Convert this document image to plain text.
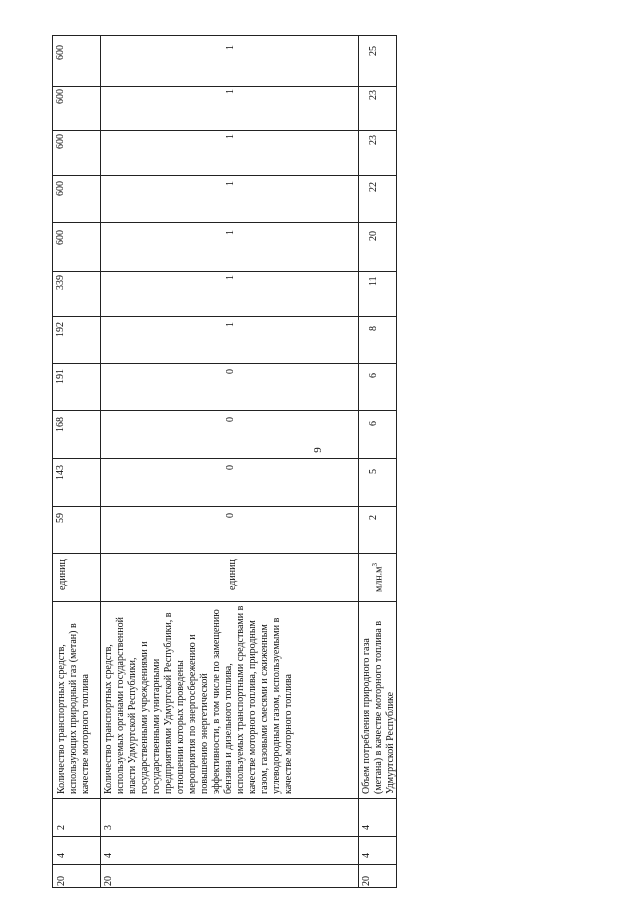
9
600
600
600
600
600
339
192
191
168
143
59
единиц
Количество транспортных средств, использующих природный газ (метан) в качестве моторного топлива
2
4
20
1
1
1
1
1
1
1
0
0
0
0
единиц
Количество транспортных средств, используемых органами государственной власти Удмуртской Республики, государственными учреждениями и государственными унитарными предприятиями Удмуртской Республики, в отношении которых проведены мероприятия по энергосбережению и повышению энергетической эффективности, в том числе по замещению бензина и дизельного топлива, используемых транспортными средствами в качестве моторного топлива, природным газом, газовыми смесями и сжиженным углеводородным газом, используемыми в качестве моторного топлива
3
4
20
25
23
23
22
20
11
8
6
6
5
2
$млн.м^3$
Объем потребления природного газа (метана) в качестве моторного топлива в Удмуртской Республике
4
4
20
